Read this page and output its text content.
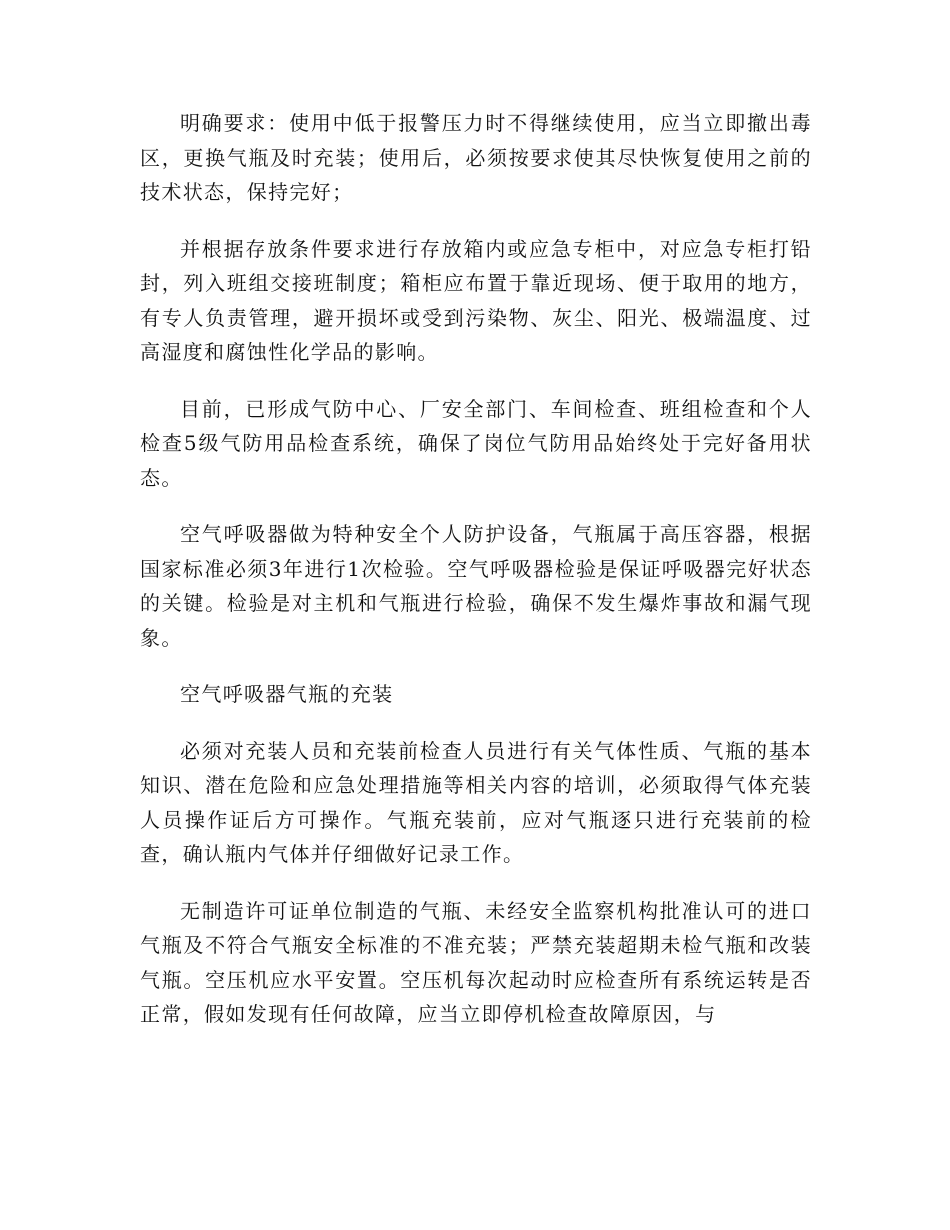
明确要求：使用中低于报警压力时不得继续使用，应当立即撤出毒区，更换气瓶及时充装；使用后，必须按要求使其尽快恢复使用之前的技术状态，保持完好；

并根据存放条件要求进行存放箱内或应急专柜中，对应急专柜打铅封，列入班组交接班制度；箱柜应布置于靠近现场、便于取用的地方，有专人负责管理，避开损坏或受到污染物、灰尘、阳光、极端温度、过高湿度和腐蚀性化学品的影响。

目前，已形成气防中心、厂安全部门、车间检查、班组检查和个人检查5级气防用品检查系统，确保了岗位气防用品始终处于完好备用状态。

空气呼吸器做为特种安全个人防护设备，气瓶属于高压容器，根据国家标准必须3年进行1次检验。空气呼吸器检验是保证呼吸器完好状态的关键。检验是对主机和气瓶进行检验，确保不发生爆炸事故和漏气现象。

空气呼吸器气瓶的充装

必须对充装人员和充装前检查人员进行有关气体性质、气瓶的基本知识、潜在危险和应急处理措施等相关内容的培训，必须取得气体充装人员操作证后方可操作。气瓶充装前，应对气瓶逐只进行充装前的检查，确认瓶内气体并仔细做好记录工作。

无制造许可证单位制造的气瓶、未经安全监察机构批准认可的进口气瓶及不符合气瓶安全标准的不准充装；严禁充装超期未检气瓶和改装气瓶。空压机应水平安置。空压机每次起动时应检查所有系统运转是否正常，假如发现有任何故障，应当立即停机检查故障原因，与
